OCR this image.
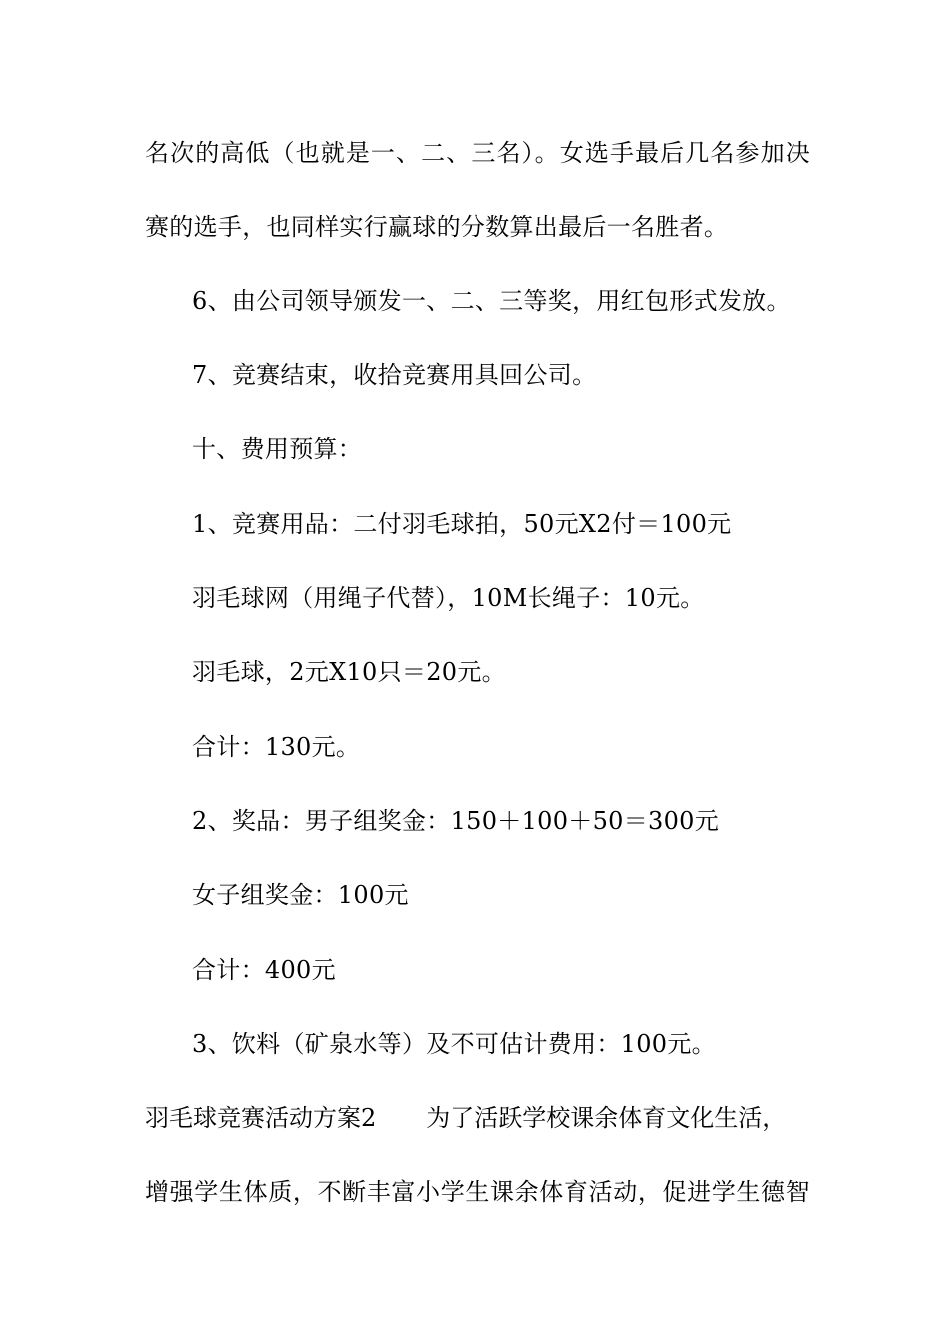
名次的高低（也就是一、二、三名）。女选手最后几名参加决
赛的选手，也同样实行赢球的分数算出最后一名胜者。
6、由公司领导颁发一、二、三等奖，用红包形式发放。
7、竞赛结束，收拾竞赛用具回公司。
十、费用预算：
1、竞赛用品：二付羽毛球拍，50元X2付＝100元
羽毛球网（用绳子代替），10M长绳子：10元。
羽毛球，2元X10只＝20元。
合计：130元。
2、奖品：男子组奖金：150＋100＋50＝300元
女子组奖金：100元
合计：400元
3、饮料（矿泉水等）及不可估计费用：100元。
羽毛球竞赛活动方案2 为了活跃学校课余体育文化生活，
增强学生体质，不断丰富小学生课余体育活动，促进学生德智
